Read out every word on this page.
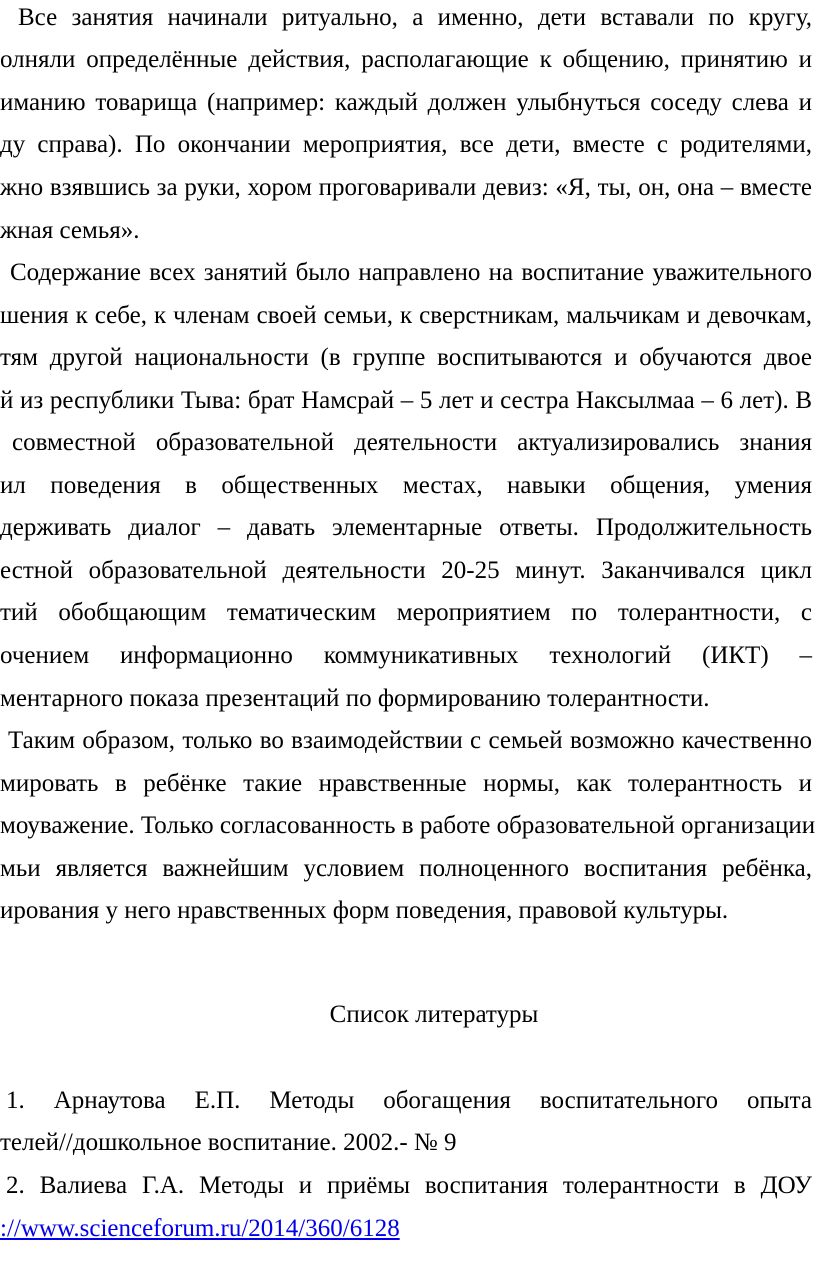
Все занятия начинали ритуально, а именно, дети вставали по кругу,
олняли определённые действия, располагающие к общению, принятию и
иманию товарища (например: каждый должен улыбнуться соседу слева и
ду справа). По окончании мероприятия, все дети, вместе с родителями,
жно взявшись за руки, хором проговаривали девиз: «Я, ты, он, она – вместе
жная семья».
Содержание всех занятий было направлено на воспитание уважительного
шения к себе, к членам своей семьи, к сверстникам, мальчикам и девочкам,
тям другой национальности (в группе воспитываются и обучаются двое
й из республики Тыва: брат Намсрай – 5 лет и сестра Наксылмаа – 6 лет). В
совместной образовательной деятельности актуализировались знания
ил поведения в общественных местах, навыки общения, умения
держивать диалог – давать элементарные ответы. Продолжительность
естной образовательной деятельности 20-25 минут. Заканчивался цикл
тий обобщающим тематическим мероприятием по толерантности, с
очением информационно коммуникативных технологий (ИКТ) –
ментарного показа презентаций по формированию толерантности.
Таким образом, только во взаимодействии с семьей возможно качественно
мировать в ребёнке такие нравственные нормы, как толерантность и
моуважение. Только согласованность в работе образовательной организации
мьи является важнейшим условием полноценного воспитания ребёнка,
ирования у него нравственных форм поведения, правовой культуры.
Список литературы
1. Арнаутова Е.П. Методы обогащения воспитательного опыта
телей//дошкольное воспитание. 2002.- № 9
2. Валиева Г.А. Методы и приёмы воспитания толерантности в ДОУ
://www.scienceforum.ru/2014/360/6128
